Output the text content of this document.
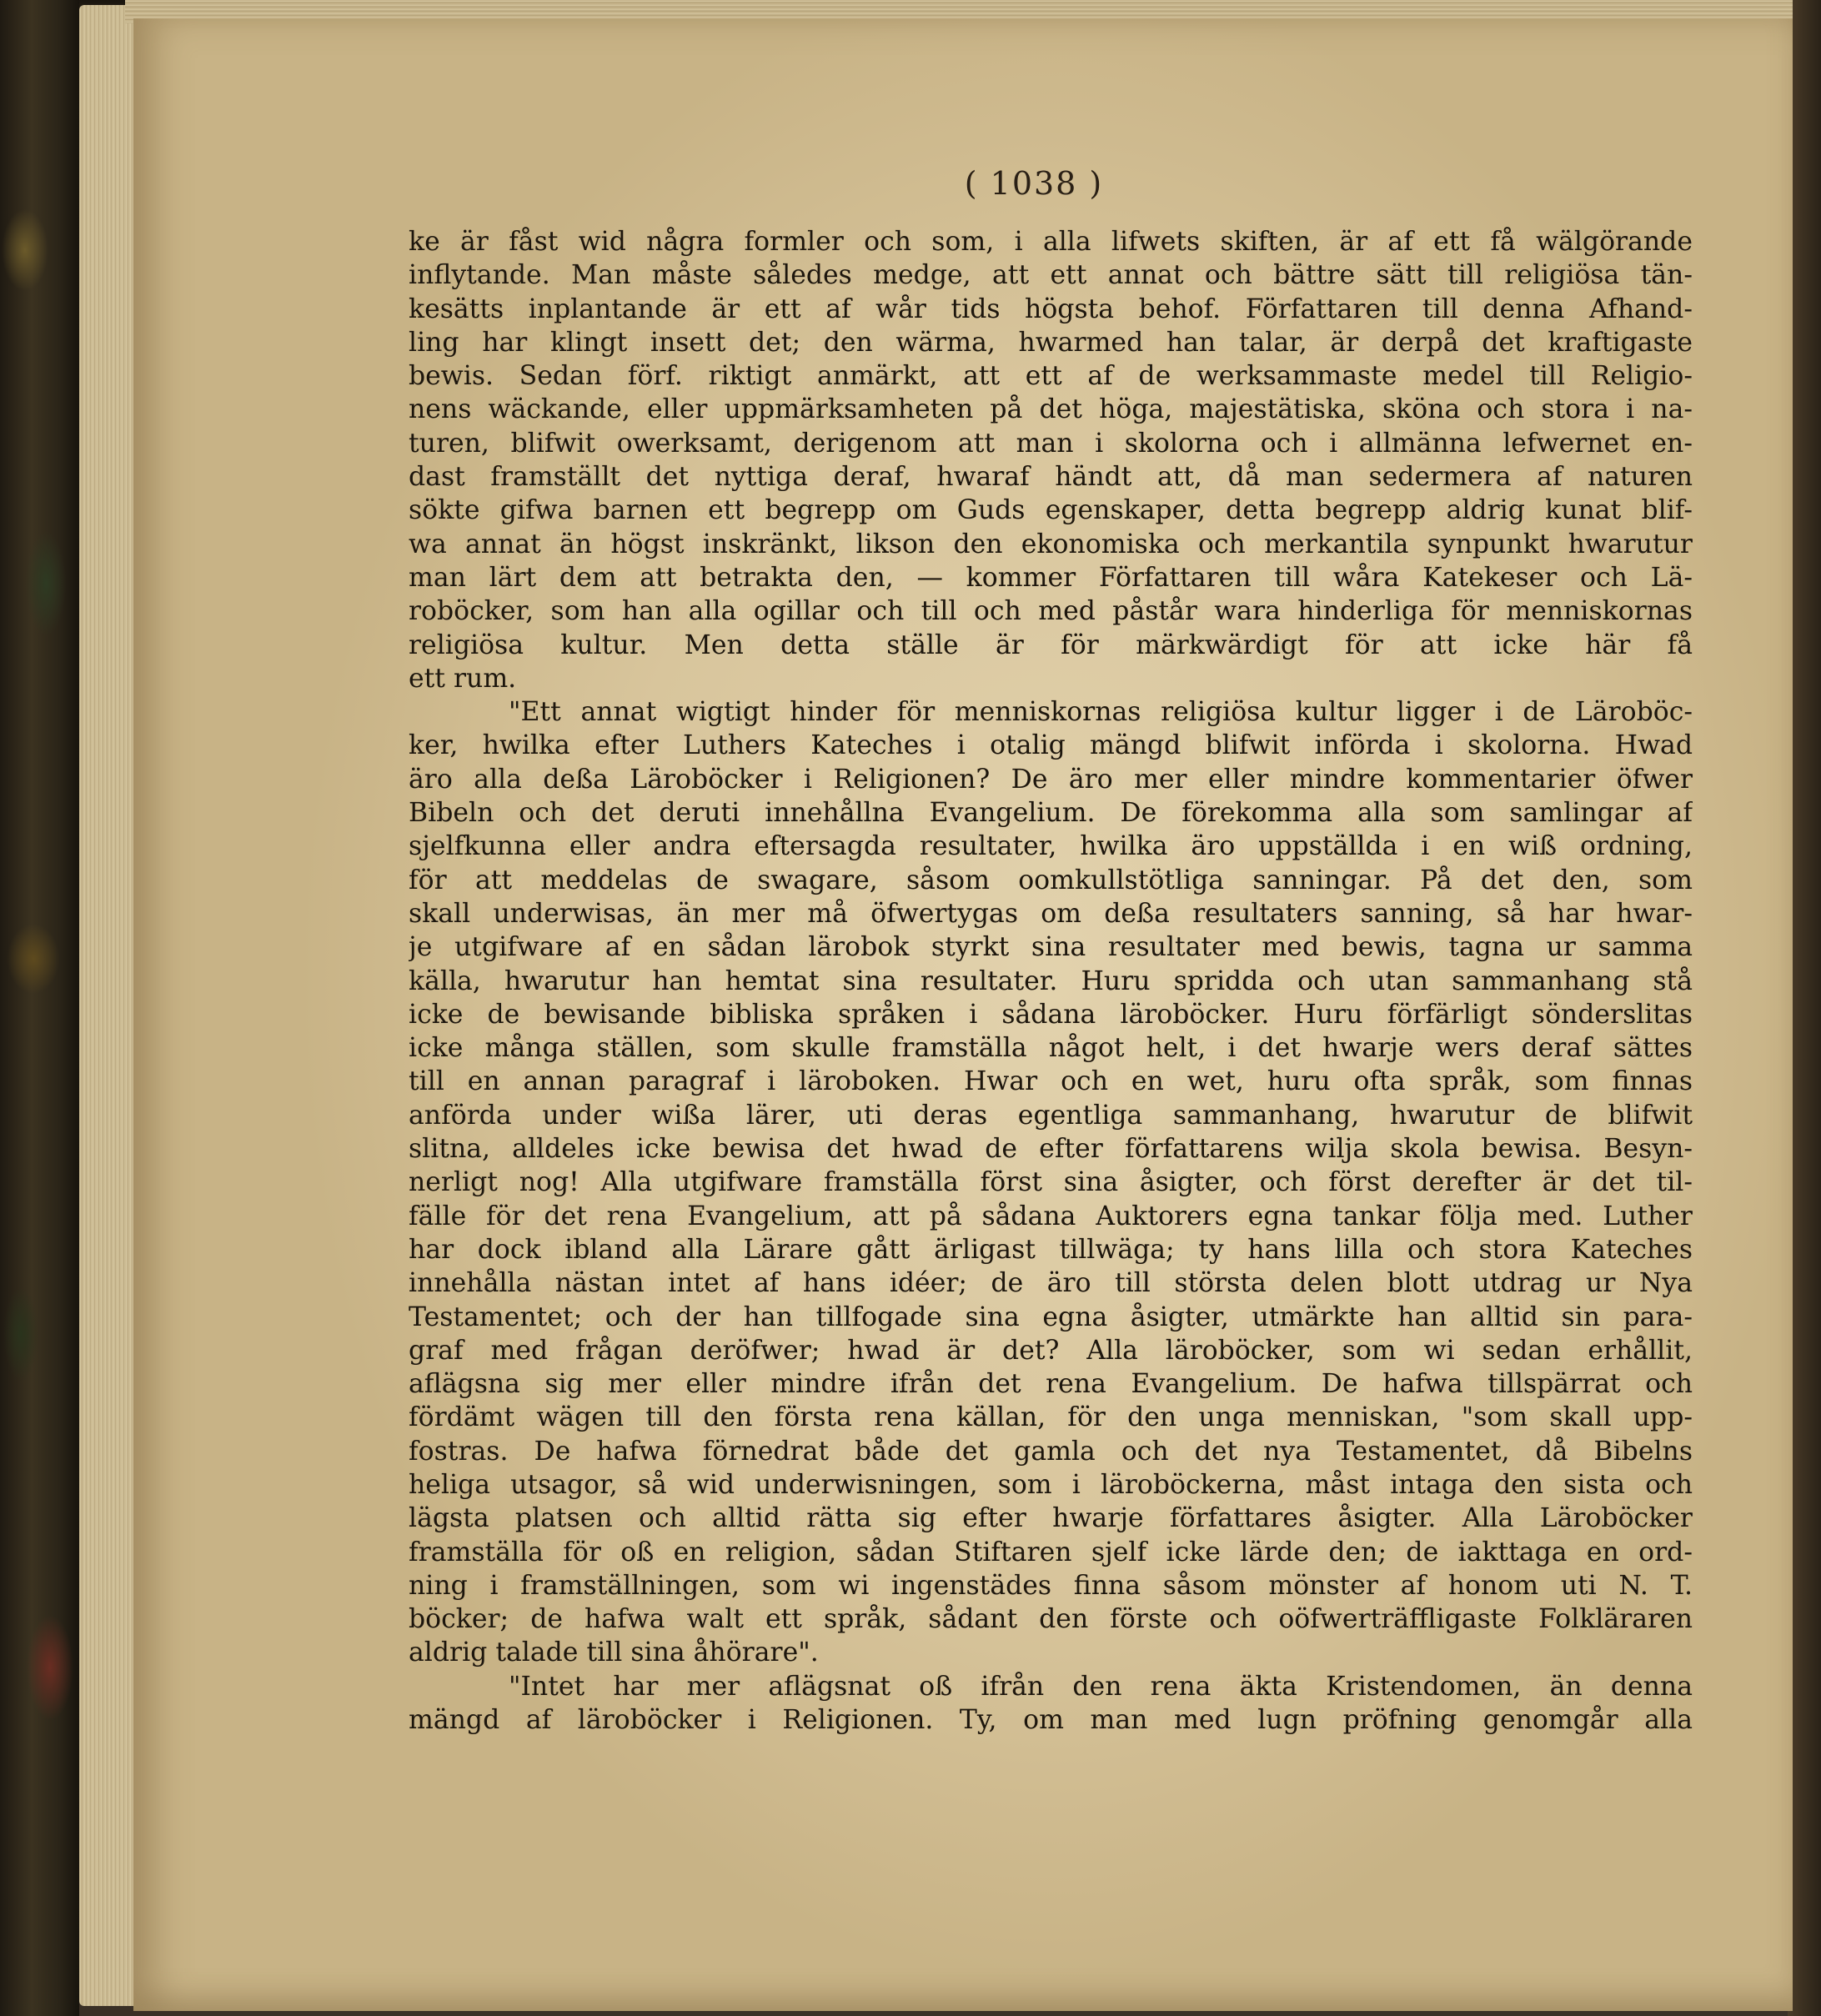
( 1038 )
ke är fåst wid några formler och som, i alla lifwets skiften, är af ett få wälgörande
inflytande. Man måste således medge, att ett annat och bättre sätt till religiösa tän-
kesätts inplantande är ett af wår tids högsta behof. Författaren till denna Afhand-
ling har klingt insett det; den wärma, hwarmed han talar, är derpå det kraftigaste
bewis. Sedan förf. riktigt anmärkt, att ett af de werksammaste medel till Religio-
nens wäckande, eller uppmärksamheten på det höga, majestätiska, sköna och stora i na-
turen, blifwit owerksamt, derigenom att man i skolorna och i allmänna lefwernet en-
dast framställt det nyttiga deraf, hwaraf händt att, då man sedermera af naturen
sökte gifwa barnen ett begrepp om Guds egenskaper, detta begrepp aldrig kunat blif-
wa annat än högst inskränkt, likson den ekonomiska och merkantila synpunkt hwarutur
man lärt dem att betrakta den, — kommer Författaren till wåra Katekeser och Lä-
roböcker, som han alla ogillar och till och med påstår wara hinderliga för menniskornas
religiösa kultur. Men detta ställe är för märkwärdigt för att icke här få
ett rum.
"Ett annat wigtigt hinder för menniskornas religiösa kultur ligger i de Läroböc-
ker, hwilka efter Luthers Kateches i otalig mängd blifwit införda i skolorna. Hwad
äro alla deßa Läroböcker i Religionen? De äro mer eller mindre kommentarier öfwer
Bibeln och det deruti innehållna Evangelium. De förekomma alla som samlingar af
sjelfkunna eller andra eftersagda resultater, hwilka äro uppställda i en wiß ordning,
för att meddelas de swagare, såsom oomkullstötliga sanningar. På det den, som
skall underwisas, än mer må öfwertygas om deßa resultaters sanning, så har hwar-
je utgifware af en sådan lärobok styrkt sina resultater med bewis, tagna ur samma
källa, hwarutur han hemtat sina resultater. Huru spridda och utan sammanhang stå
icke de bewisande bibliska språken i sådana läroböcker. Huru förfärligt sönderslitas
icke många ställen, som skulle framställa något helt, i det hwarje wers deraf sättes
till en annan paragraf i läroboken. Hwar och en wet, huru ofta språk, som finnas
anförda under wißa lärer, uti deras egentliga sammanhang, hwarutur de blifwit
slitna, alldeles icke bewisa det hwad de efter författarens wilja skola bewisa. Besyn-
nerligt nog! Alla utgifware framställa först sina åsigter, och först derefter är det til-
fälle för det rena Evangelium, att på sådana Auktorers egna tankar följa med. Luther
har dock ibland alla Lärare gått ärligast tillwäga; ty hans lilla och stora Kateches
innehålla nästan intet af hans idéer; de äro till största delen blott utdrag ur Nya
Testamentet; och der han tillfogade sina egna åsigter, utmärkte han alltid sin para-
graf med frågan deröfwer; hwad är det? Alla läroböcker, som wi sedan erhållit,
aflägsna sig mer eller mindre ifrån det rena Evangelium. De hafwa tillspärrat och
fördämt wägen till den första rena källan, för den unga menniskan, "som skall upp-
fostras. De hafwa förnedrat både det gamla och det nya Testamentet, då Bibelns
heliga utsagor, så wid underwisningen, som i läroböckerna, måst intaga den sista och
lägsta platsen och alltid rätta sig efter hwarje författares åsigter. Alla Läroböcker
framställa för oß en religion, sådan Stiftaren sjelf icke lärde den; de iakttaga en ord-
ning i framställningen, som wi ingenstädes finna såsom mönster af honom uti N. T.
böcker; de hafwa walt ett språk, sådant den förste och oöfwerträffligaste Folkläraren
aldrig talade till sina åhörare".
"Intet har mer aflägsnat oß ifrån den rena äkta Kristendomen, än denna
mängd af läroböcker i Religionen. Ty, om man med lugn pröfning genomgår alla
